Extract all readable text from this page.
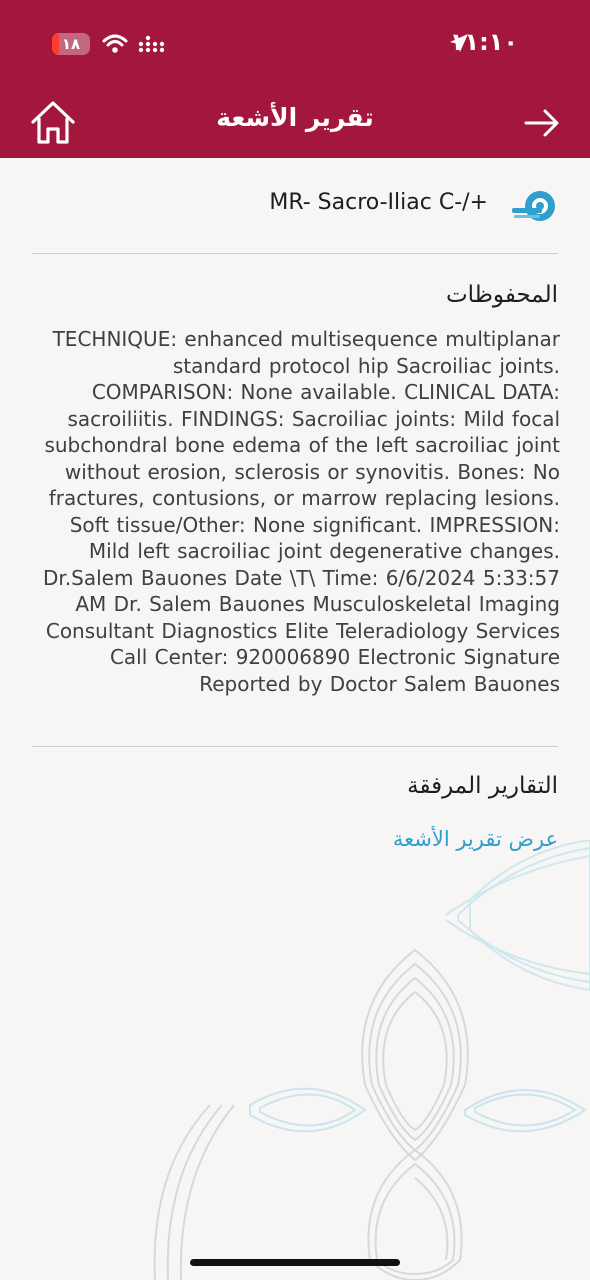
١٨	١١:١٠
تقرير الأشعة
MR- Sacro-Iliac C-/+
المحفوظات
TECHNIQUE: enhanced multisequence multiplanar standard protocol hip Sacroiliac joints. COMPARISON: None available. CLINICAL DATA: sacroiliitis. FINDINGS: Sacroiliac joints: Mild focal subchondral bone edema of the left sacroiliac joint without erosion, sclerosis or synovitis. Bones: No fractures, contusions, or marrow replacing lesions. Soft tissue/Other: None significant. IMPRESSION: Mild left sacroiliac joint degenerative changes. Dr.Salem Bauones Date \T\ Time: 6/6/2024 5:33:57 AM Dr. Salem Bauones Musculoskeletal Imaging Consultant Diagnostics Elite Teleradiology Services Call Center: 920006890 Electronic Signature Reported by Doctor Salem Bauones
التقارير المرفقة
عرض تقرير الأشعة
